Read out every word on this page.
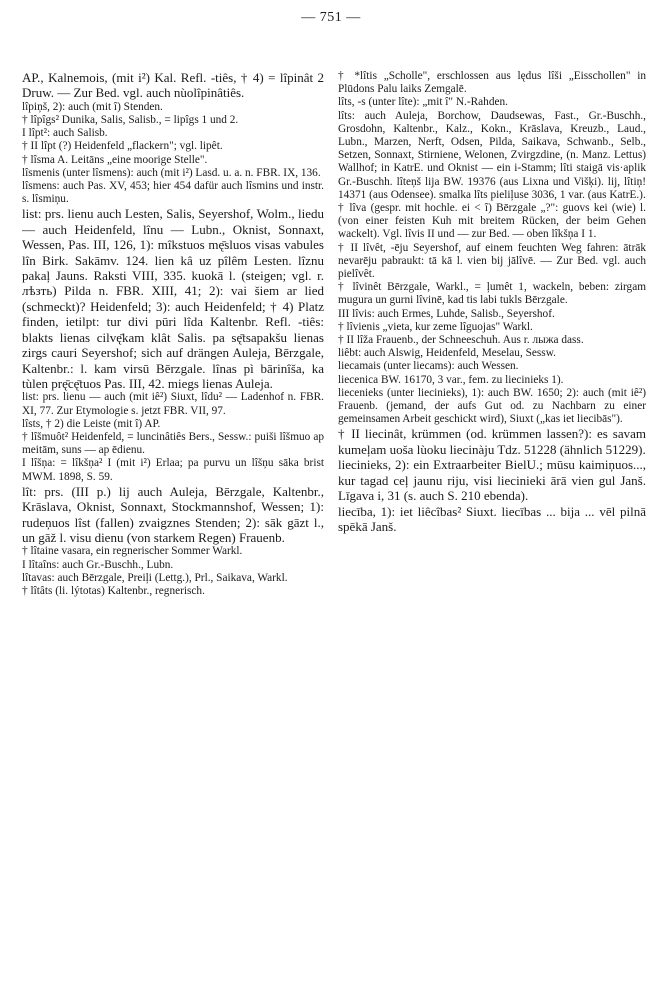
— 751 —

AP., Kalnemois, (mit i²) Kal. Refl. -tiês, † 4) = lîpinât 2 Druw. — Zur Bed. vgl. auch nùolîpinâtiês.

lîpiņš, 2): auch (mit î) Stenden.

† lîpîgs² Dunika, Salis, Salisb., = lipîgs 1 und 2.

I lîpt²: auch Salisb.

† II lîpt (?) Heidenfeld „flackern"; vgl. lipêt.

† lîsma A. Leitāns „eine moorige Stelle".

lîsmenis (unter lîsmens): auch (mit i²) Lasd. u. a. n. FBR. IX, 136.

lîsmens: auch Pas. XV, 453; hier 454 dafür auch lîsmins und instr. s. lîsmiņu.

list: prs. lienu auch Lesten, Salis, Seyershof, Wolm., liedu — auch Heidenfeld, lînu — Lubn., Oknist, Sonnaxt, Wessen, Pas. III, 126, 1): mîkstuos mę̄sluos visas vabules lîn Birk. Sakāmv. 124. lien kâ uz pîlêm Lesten. lîznu pakaļ Jauns. Raksti VIII, 335. kuokā l. (steigen; vgl. r. лѣзть) Pilda n. FBR. XIII, 41; 2): vai šiem ar lied (schmeckt)? Heidenfeld; 3): auch Heidenfeld; † 4) Platz finden, ietilpt: tur divi pūri lîda Kaltenbr. Refl. -tiês: blakts lienas cilvę̄kam klât Salis. pa sę̄tsapakšu lienas zirgs cauri Seyershof; sich auf drängen Auleja, Bērzgale, Kaltenbr.: l. kam virsū Bērzgale. lînas pì bārinîša, ka tùlen prę̄cę̄tuos Pas. III, 42. miegs lienas Auleja.

list: prs. lienu — auch (mit iê²) Siuxt, lîdu² — Ladenhof n. FBR. XI, 77. Zur Etymologie s. jetzt FBR. VII, 97.

lîsts, † 2) die Leiste (mit î) AP.

† lîšmuôt² Heidenfeld, = luncinâtiês Bers., Sessw.: puiši lîšmuo ap meitām, suns — ap ēdienu.

I lîšņa: = lîkšņa² I (mit i²) Erlaa; pa purvu un lîšņu sāka brist MWM. 1898, S. 59.

lît: prs. (III p.) lij auch Auleja, Bērzgale, Kaltenbr., Krāslava, Oknist, Sonnaxt, Stockmannshof, Wessen; 1): rudeņuos lîst (fallen) zvaigznes Stenden; 2): sāk gāzt l., un gāž l. visu dienu (von starkem Regen) Frauenb.

† lîtaine vasara, ein regnerischer Sommer Warkl.

I lîtaîns: auch Gr.-Buschh., Lubn.

lîtavas: auch Bērzgale, Preiļi (Lettg.), Prl., Saikava, Warkl.

† lîtâts (li. lýtotas) Kaltenbr., regnerisch.

† *lîtis „Scholle", erschlossen aus lędus lîši „Eisschollen" in Plūdons Palu laiks Zemgalē.

lîts, -s (unter lîte): „mit î" N.-Rahden.

lîts: auch Auleja, Borchow, Daudsewas, Fast., Gr.-Buschh., Grosdohn, Kaltenbr., Kalz., Kokn., Krāslava, Kreuzb., Laud., Lubn., Marzen, Nerft, Odsen, Pilda, Saikava, Schwanb., Selb., Setzen, Sonnaxt, Stirniene, Welonen, Zvirgzdine, (n. Manz. Lettus) Wallhof; in KatrE. und Oknist — ein i-Stamm; lîti staigā vis·aplik Gr.-Buschh. lîteņš lija BW. 19376 (aus Lixna und Višķi). lij, lîtiņ! 14371 (aus Odensee). smalka lîts pieliļuse 3036, 1 var. (aus KatrE.).

† lîva (gespr. mit hochle. ei < î) Bērzgale „?": guovs kei (wie) l. (von einer feisten Kuh mit breitem Rücken, der beim Gehen wackelt). Vgl. lîvis II und — zur Bed. — oben lîkšņa I 1.

† II lîvêt, -ēju Seyershof, auf einem feuchten Weg fahren: ātrāk nevarēju pabraukt: tā kā l. vien bij jālîvē. — Zur Bed. vgl. auch pielîvêt.

† lîvinêt Bērzgale, Warkl., = ļumêt 1, wackeln, beben: zirgam mugura un gurni lîvinē, kad tis labi tukls Bērzgale.

III lîvis: auch Ermes, Luhde, Salisb., Seyershof.

† lîvienis „vieta, kur zeme lîguojas" Warkl.

† II lîža Frauenb., der Schneeschuh. Aus r. лыжа dass.

liêbt: auch Alswig, Heidenfeld, Meselau, Sessw.

liecamais (unter liecams): auch Wessen.

liecenica BW. 16170, 3 var., fem. zu liecinieks 1).

liecenieks (unter liecinieks), 1): auch BW. 1650; 2): auch (mit iê²) Frauenb. (jemand, der aufs Gut od. zu Nachbarn zu einer gemeinsamen Arbeit geschickt wird), Siuxt („kas iet liecibās").

† II liecinât, krümmen (od. krümmen lassen?): es savam kumeļam uoša lùoku liecinàju Tdz. 51228 (ähnlich 51229).

liecinieks, 2): ein Extraarbeiter BielU.; mūsu kaimiņuos..., kur tagad ceļ jaunu riju, visi liecinieki ārā vien gul Janš. Līgava i, 31 (s. auch S. 210 ebenda).

liecība, 1): iet liêcîbas² Siuxt. liecības ... bija ... vēl pilnā spēkā Janš.
